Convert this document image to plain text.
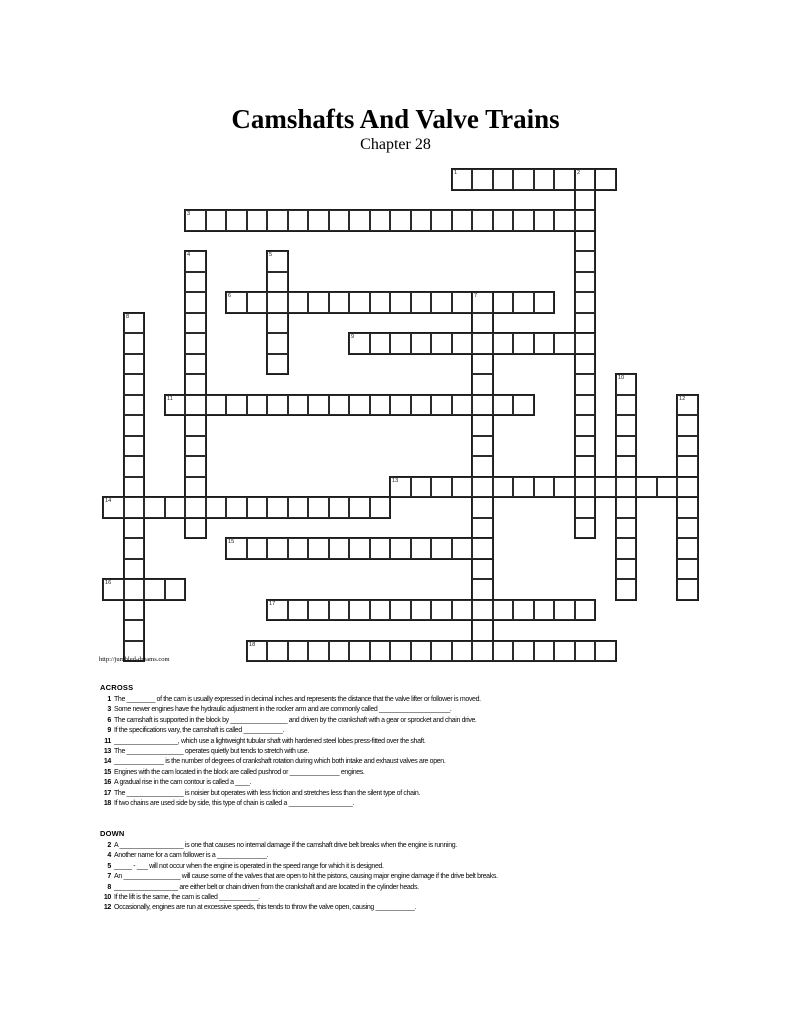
Camshafts And Valve Trains
Chapter 28
1	2
3
4	5
6	7
8
9
10
11	12
13
14
15
16
17
18
http://jumbled-dreams.com
ACROSS
1 The ________ of the cam is usually expressed in decimal inches and represents the distance that the valve lifter or follower is moved.
3 Some newer engines have the hydraulic adjustment in the rocker arm and are commonly called ____________________.
6 The camshaft is supported in the block by ________________ and driven by the crankshaft with a gear or sprocket and chain drive.
9 If the specifications vary, the camshaft is called ___________.
11 __________________, which use a lightweight tubular shaft with hardened steel lobes press-fitted over the shaft.
13 The ________________ operates quietly but tends to stretch with use.
14 ______________ is the number of degrees of crankshaft rotation during which both intake and exhaust valves are open.
15 Engines with the cam located in the block are called pushrod or ______________ engines.
16 A gradual rise in the cam contour is called a ____.
17 The ________________ is noisier but operates with less friction and stretches less than the silent type of chain.
18 If two chains are used side by side, this type of chain is called a __________________.
DOWN
2 A __________________ is one that causes no internal damage if the camshaft drive belt breaks when the engine is running.
4 Another name for a cam follower is a ______________.
5 _____ - ___ will not occur when the engine is operated in the speed range for which it is designed.
7 An ________________ will cause some of the valves that are open to hit the pistons, causing major engine damage if the drive belt breaks.
8 __________________ are either belt or chain driven from the crankshaft and are located in the cylinder heads.
10 If the lift is the same, the cam is called ___________.
12 Occasionally, engines are run at excessive speeds, this tends to throw the valve open, causing ___________.
